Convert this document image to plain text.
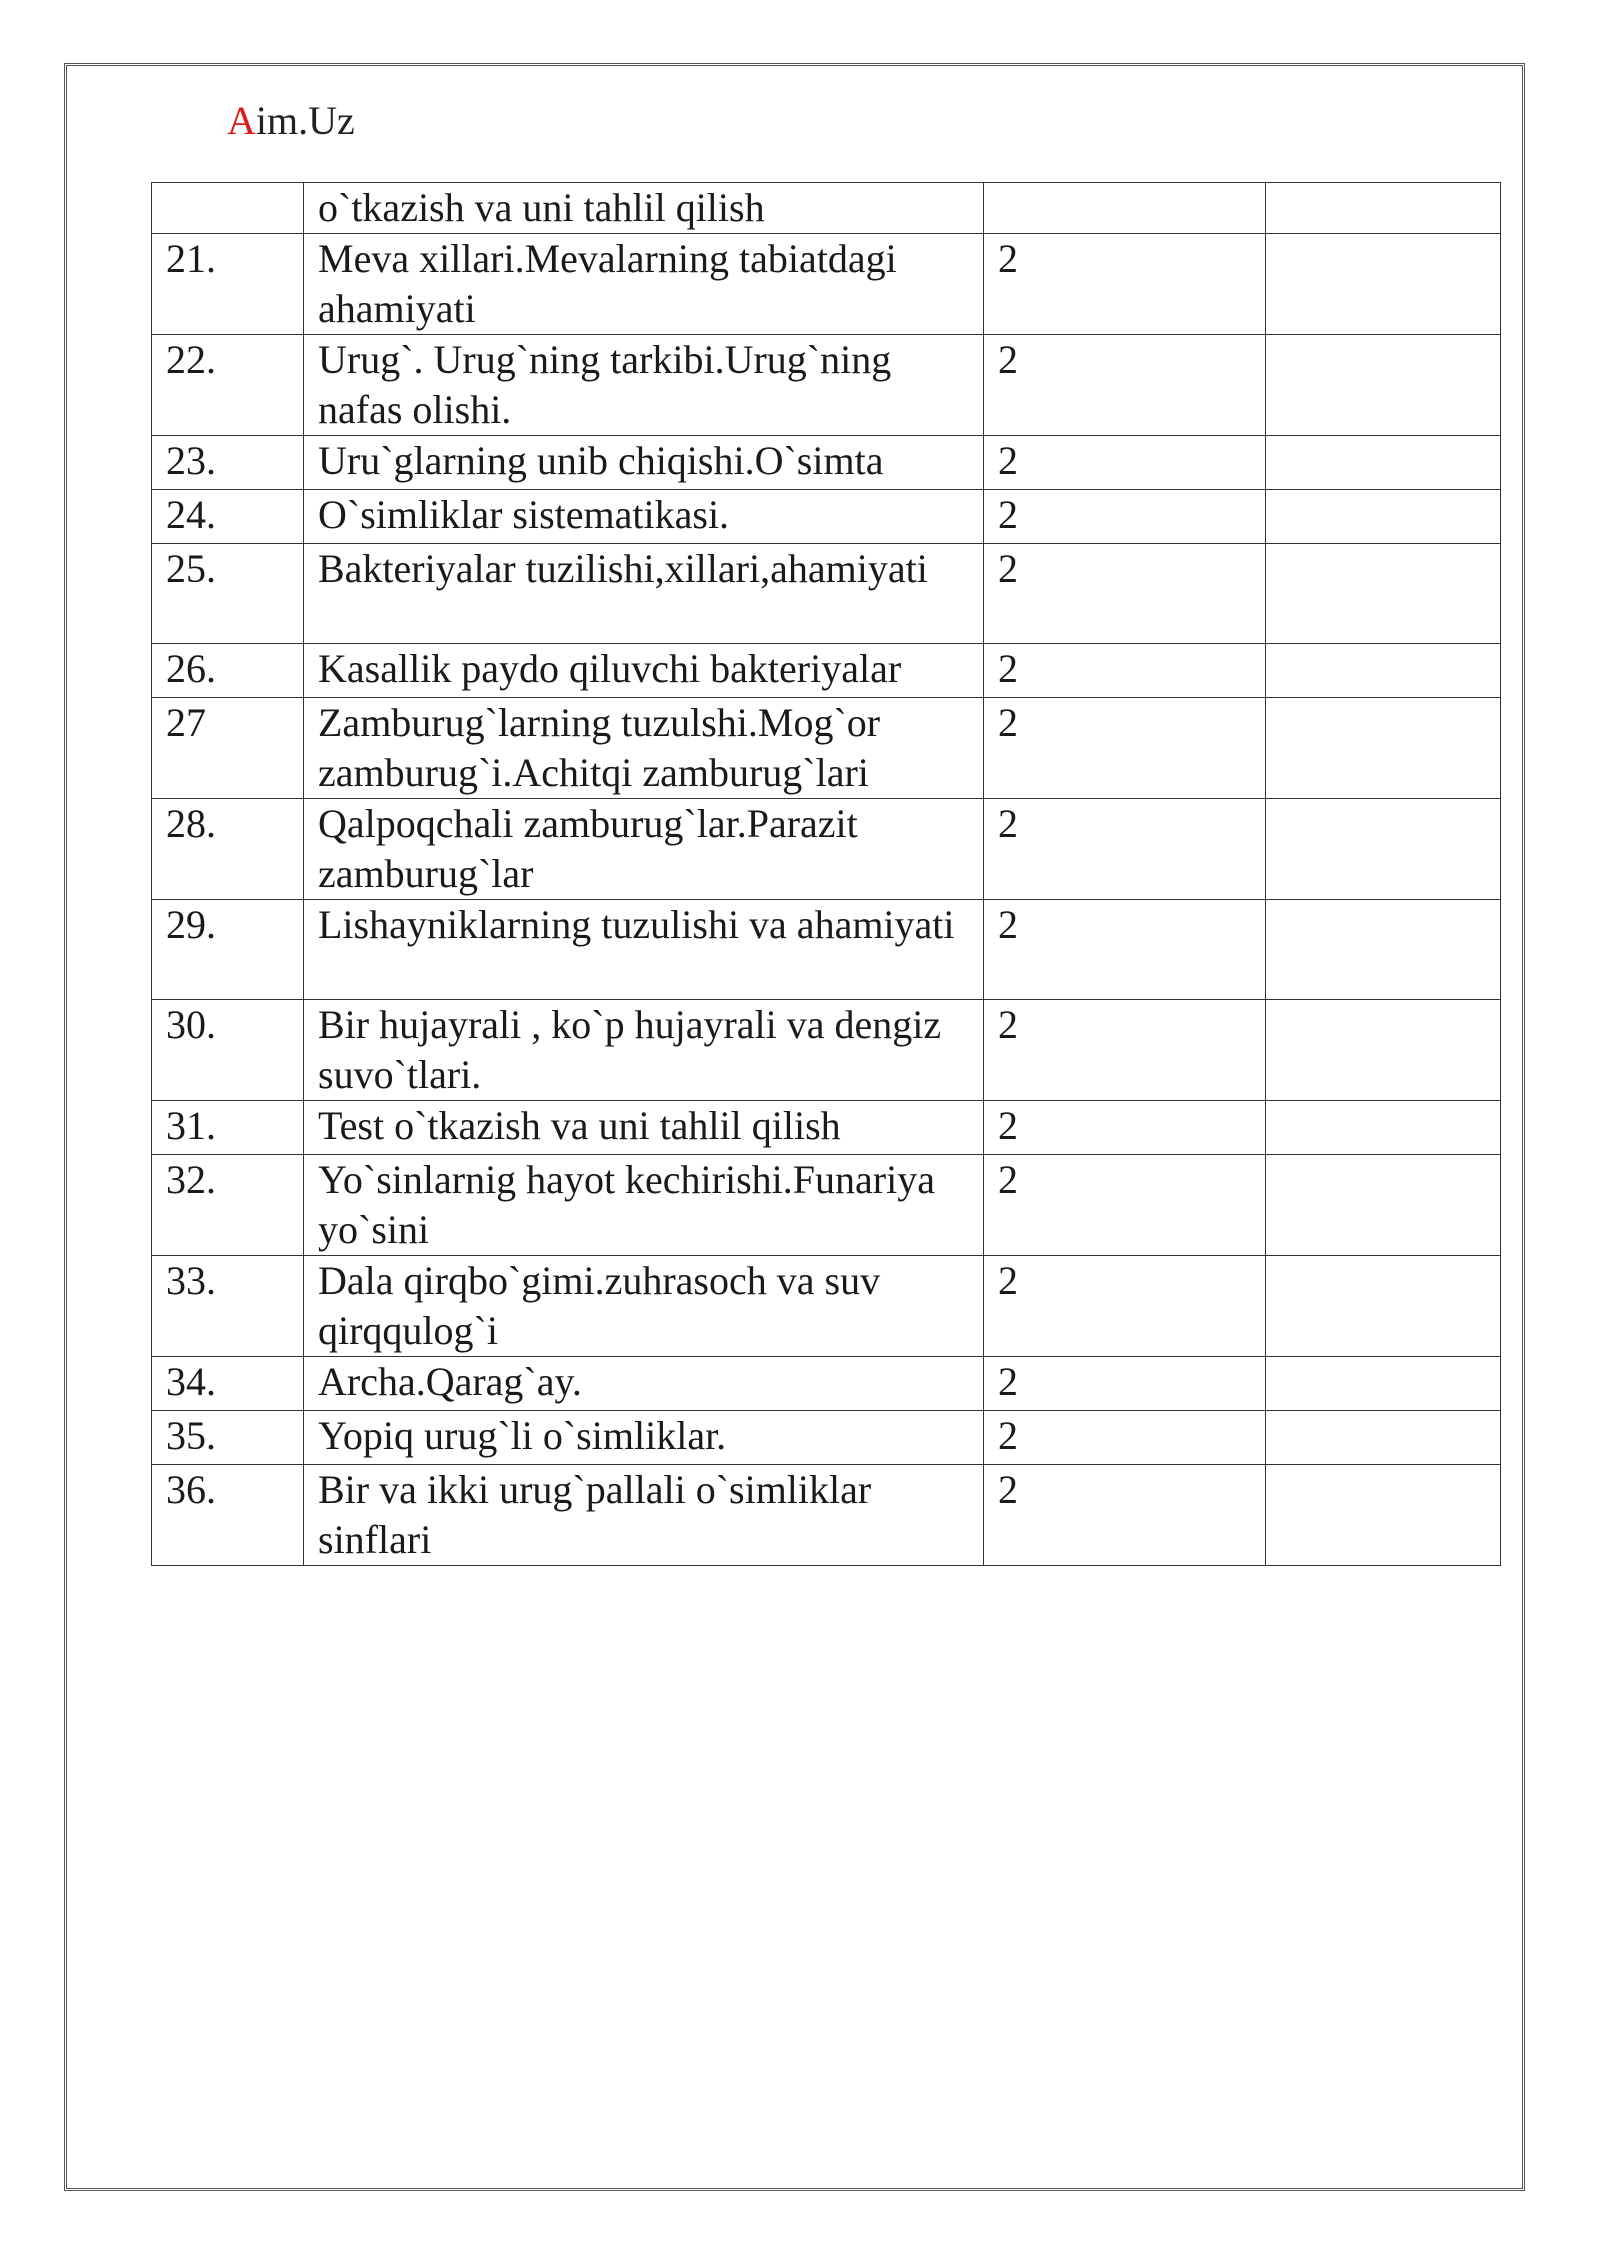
Aim.Uz
	o`tkazish va uni tahlil qilish		
21.	Meva xillari.Mevalarning tabiatdagi ahamiyati	2	
22.	Urug`. Urug`ning tarkibi.Urug`ning nafas olishi.	2	
23.	Uru`glarning unib chiqishi.O`simta	2	
24.	O`simliklar sistematikasi.	2	
25.	Bakteriyalar tuzilishi,xillari,ahamiyati	2	
26.	Kasallik paydo qiluvchi bakteriyalar	2	
27	Zamburug`larning tuzulshi.Mog`or zamburug`i.Achitqi zamburug`lari	2	
28.	Qalpoqchali zamburug`lar.Parazit zamburug`lar	2	
29.	Lishayniklarning tuzulishi va ahamiyati	2	
30.	Bir hujayrali , ko`p hujayrali va dengiz suvo`tlari.	2	
31.	Test o`tkazish va uni tahlil qilish	2	
32.	Yo`sinlarnig hayot kechirishi.Funariya yo`sini	2	
33.	Dala qirqbo`gimi.zuhrasoch va suv qirqqulog`i	2	
34.	Archa.Qarag`ay.	2	
35.	Yopiq urug`li o`simliklar.	2	
36.	Bir va ikki urug`pallali o`simliklar sinflari	2	
